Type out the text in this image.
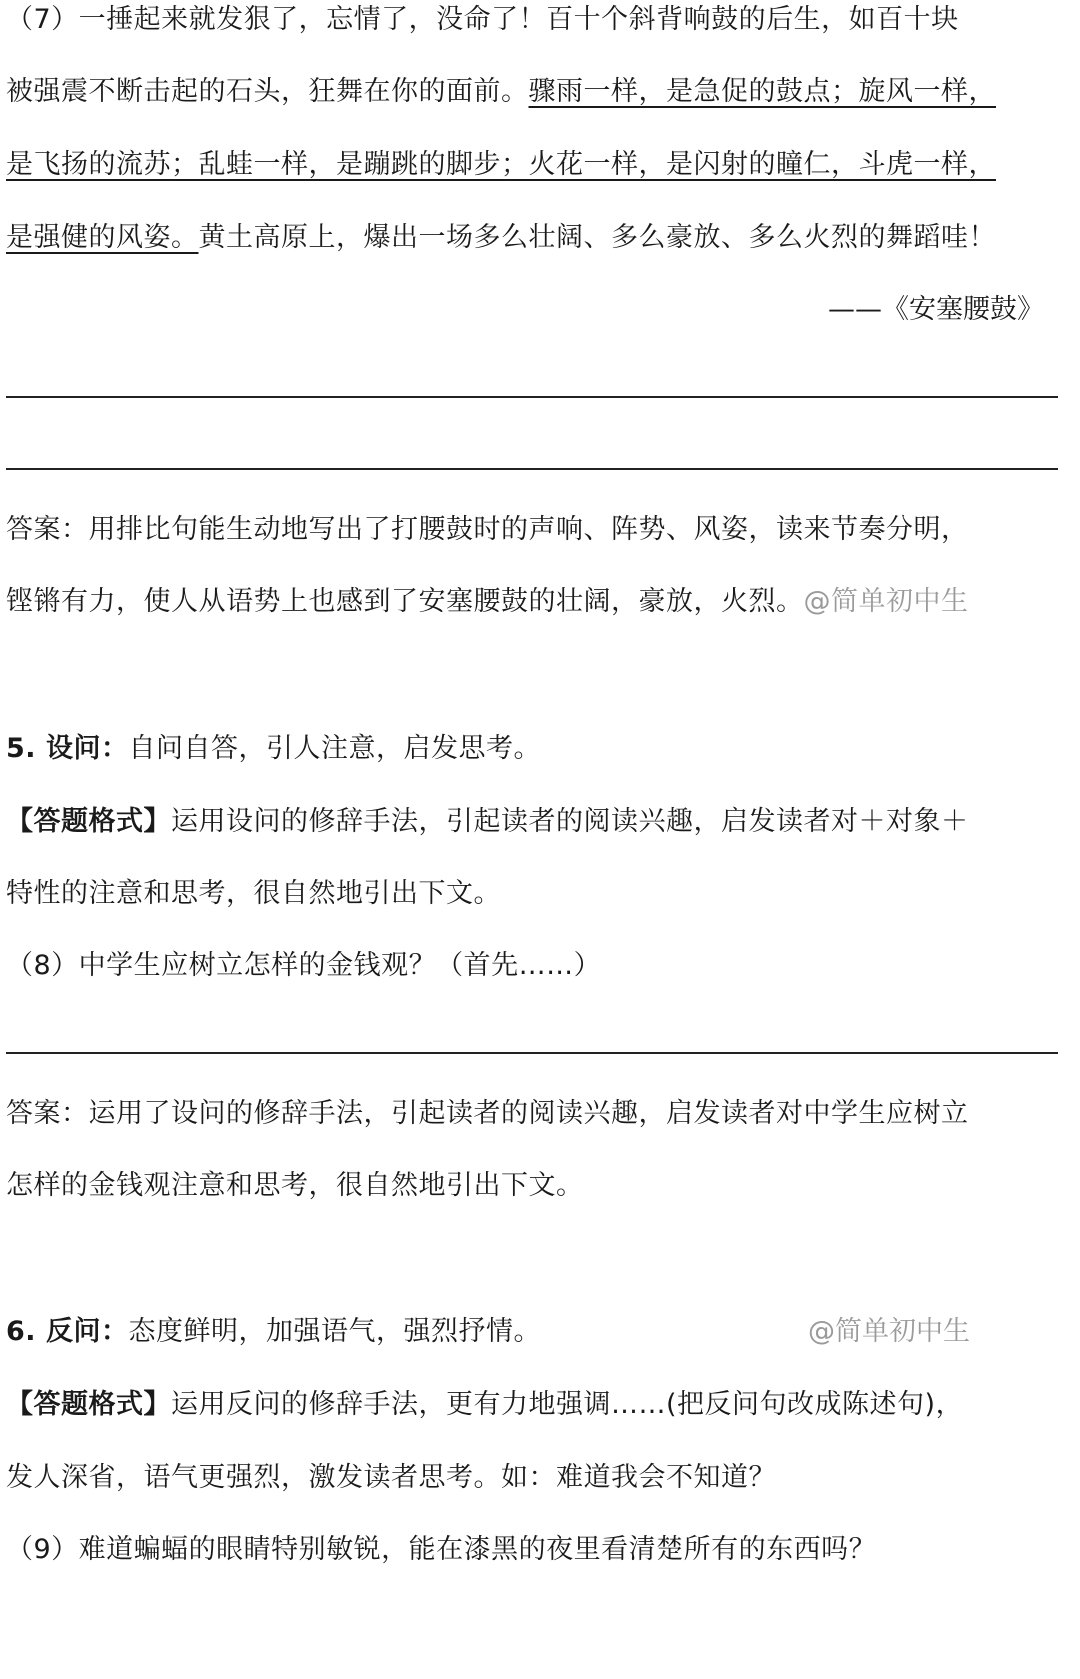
（7）一捶起来就发狠了，忘情了，没命了！百十个斜背响鼓的后生，如百十块
被强震不断击起的石头，狂舞在你的面前。骤雨一样，是急促的鼓点；旋风一样，
是飞扬的流苏；乱蛙一样，是蹦跳的脚步；火花一样，是闪射的瞳仁，斗虎一样，
是强健的风姿。黄土高原上，爆出一场多么壮阔、多么豪放、多么火烈的舞蹈哇！
——《安塞腰鼓》
答案：用排比句能生动地写出了打腰鼓时的声响、阵势、风姿，读来节奏分明，
铿锵有力，使人从语势上也感到了安塞腰鼓的壮阔，豪放，火烈。@简单初中生
5. 设问：自问自答，引人注意，启发思考。
【答题格式】运用设问的修辞手法，引起读者的阅读兴趣，启发读者对＋对象＋
特性的注意和思考，很自然地引出下文。
（8）中学生应树立怎样的金钱观？（首先……）
答案：运用了设问的修辞手法，引起读者的阅读兴趣，启发读者对中学生应树立
怎样的金钱观注意和思考，很自然地引出下文。
6. 反问：态度鲜明，加强语气，强烈抒情。	@简单初中生
【答题格式】运用反问的修辞手法，更有力地强调……(把反问句改成陈述句)，
发人深省，语气更强烈，激发读者思考。如：难道我会不知道？
（9）难道蝙蝠的眼睛特别敏锐，能在漆黑的夜里看清楚所有的东西吗？
